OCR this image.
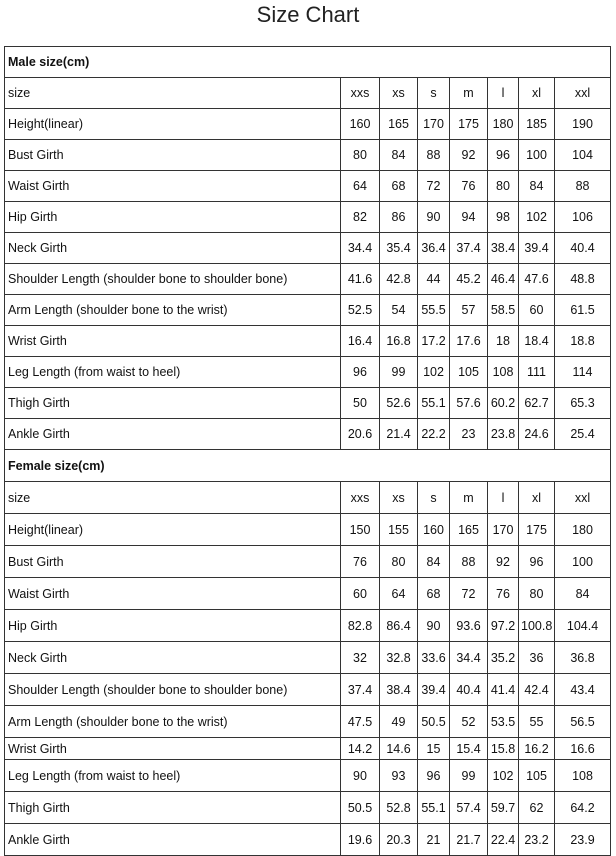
Size Chart
Male size(cm)							
size	xxs	xs	s	m	l	xl	xxl
Height(linear)	160	165	170	175	180	185	190
Bust Girth	80	84	88	92	96	100	104
Waist Girth	64	68	72	76	80	84	88
Hip Girth	82	86	90	94	98	102	106
Neck Girth	34.4	35.4	36.4	37.4	38.4	39.4	40.4
Shoulder Length (shoulder bone to shoulder bone)	41.6	42.8	44	45.2	46.4	47.6	48.8
Arm Length (shoulder bone to the wrist)	52.5	54	55.5	57	58.5	60	61.5
Wrist Girth	16.4	16.8	17.2	17.6	18	18.4	18.8
Leg Length (from waist to heel)	96	99	102	105	108	111	114
Thigh Girth	50	52.6	55.1	57.6	60.2	62.7	65.3
Ankle Girth	20.6	21.4	22.2	23	23.8	24.6	25.4
Female size(cm)							
size	xxs	xs	s	m	l	xl	xxl
Height(linear)	150	155	160	165	170	175	180
Bust Girth	76	80	84	88	92	96	100
Waist Girth	60	64	68	72	76	80	84
Hip Girth	82.8	86.4	90	93.6	97.2	100.8	104.4
Neck Girth	32	32.8	33.6	34.4	35.2	36	36.8
Shoulder Length (shoulder bone to shoulder bone)	37.4	38.4	39.4	40.4	41.4	42.4	43.4
Arm Length (shoulder bone to the wrist)	47.5	49	50.5	52	53.5	55	56.5
Wrist Girth	14.2	14.6	15	15.4	15.8	16.2	16.6
Leg Length (from waist to heel)	90	93	96	99	102	105	108
Thigh Girth	50.5	52.8	55.1	57.4	59.7	62	64.2
Ankle Girth	19.6	20.3	21	21.7	22.4	23.2	23.9
